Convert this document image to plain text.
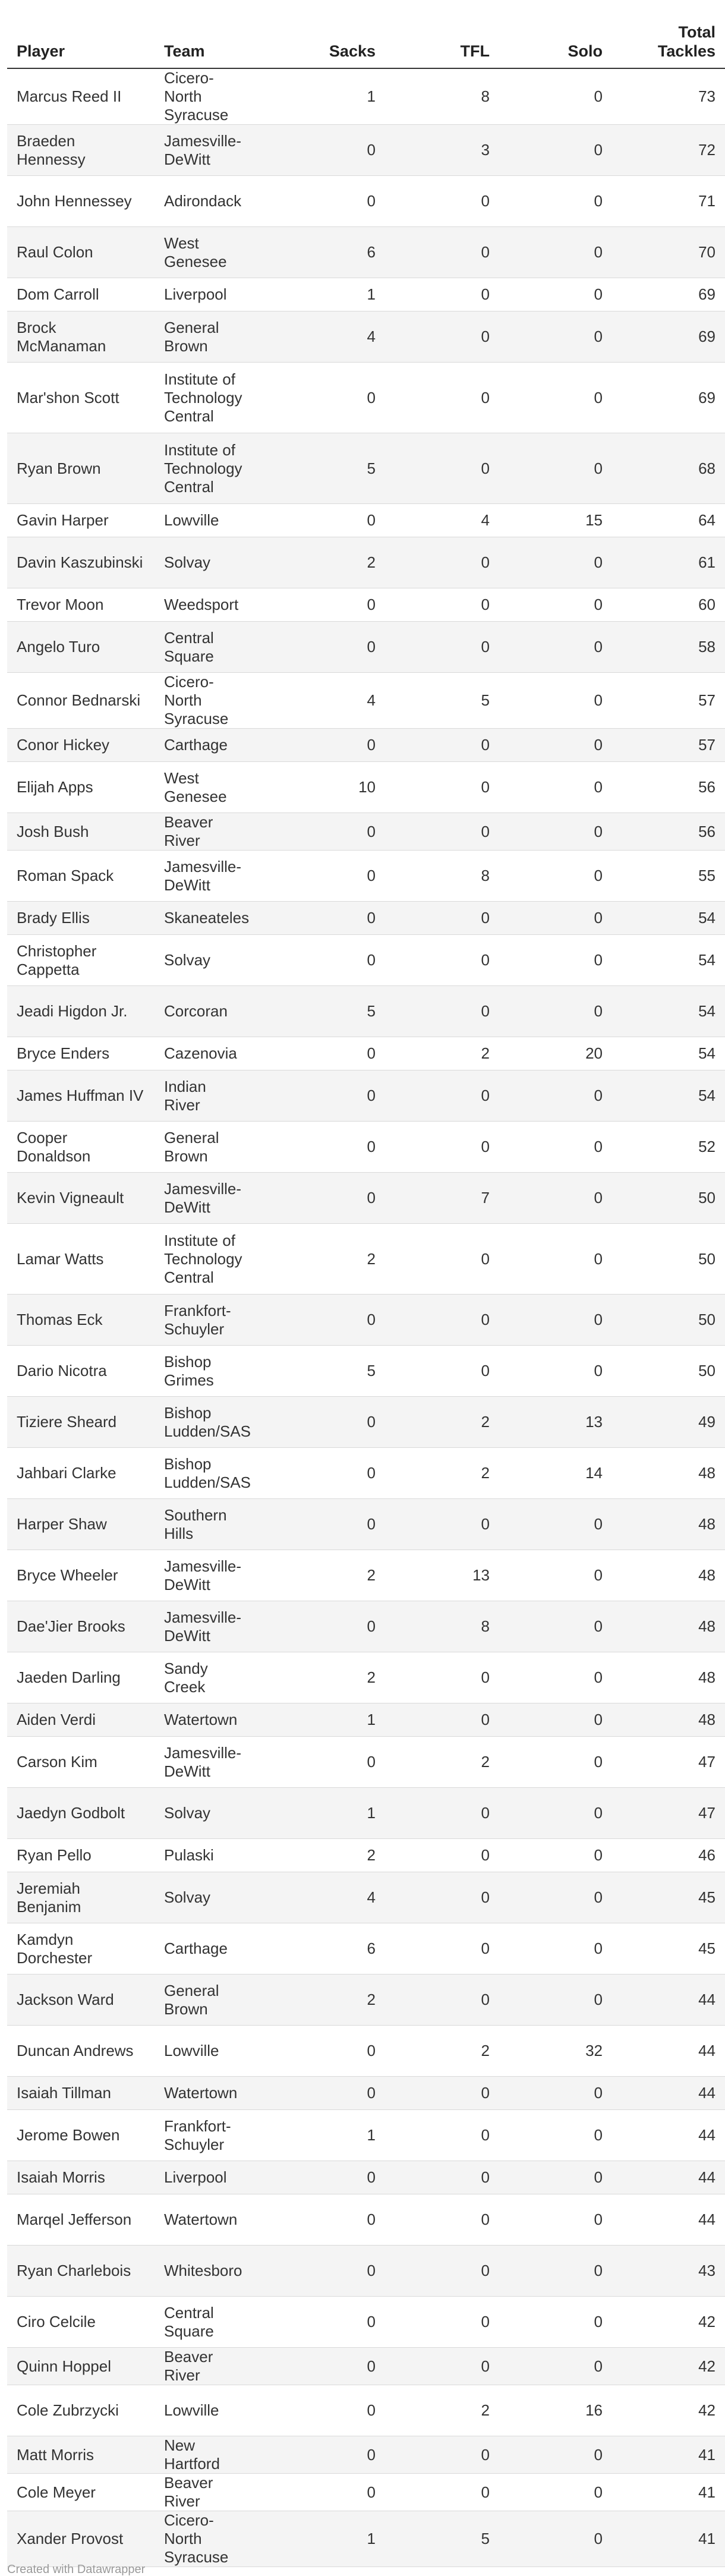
Player	Team	Sacks	TFL	Solo	Total Tackles
Marcus Reed II	Cicero-North Syracuse	1	8	0	73
Braeden Hennessy	Jamesville-DeWitt	0	3	0	72
John Hennessey	Adirondack	0	0	0	71
Raul Colon	West Genesee	6	0	0	70
Dom Carroll	Liverpool	1	0	0	69
Brock McManaman	General Brown	4	0	0	69
Mar'shon Scott	Institute of Technology Central	0	0	0	69
Ryan Brown	Institute of Technology Central	5	0	0	68
Gavin Harper	Lowville	0	4	15	64
Davin Kaszubinski	Solvay	2	0	0	61
Trevor Moon	Weedsport	0	0	0	60
Angelo Turo	Central Square	0	0	0	58
Connor Bednarski	Cicero-North Syracuse	4	5	0	57
Conor Hickey	Carthage	0	0	0	57
Elijah Apps	West Genesee	10	0	0	56
Josh Bush	Beaver River	0	0	0	56
Roman Spack	Jamesville-DeWitt	0	8	0	55
Brady Ellis	Skaneateles	0	0	0	54
Christopher Cappetta	Solvay	0	0	0	54
Jeadi Higdon Jr.	Corcoran	5	0	0	54
Bryce Enders	Cazenovia	0	2	20	54
James Huffman IV	Indian River	0	0	0	54
Cooper Donaldson	General Brown	0	0	0	52
Kevin Vigneault	Jamesville-DeWitt	0	7	0	50
Lamar Watts	Institute of Technology Central	2	0	0	50
Thomas Eck	Frankfort-Schuyler	0	0	0	50
Dario Nicotra	Bishop Grimes	5	0	0	50
Tiziere Sheard	Bishop Ludden/SAS	0	2	13	49
Jahbari Clarke	Bishop Ludden/SAS	0	2	14	48
Harper Shaw	Southern Hills	0	0	0	48
Bryce Wheeler	Jamesville-DeWitt	2	13	0	48
Dae'Jier Brooks	Jamesville-DeWitt	0	8	0	48
Jaeden Darling	Sandy Creek	2	0	0	48
Aiden Verdi	Watertown	1	0	0	48
Carson Kim	Jamesville-DeWitt	0	2	0	47
Jaedyn Godbolt	Solvay	1	0	0	47
Ryan Pello	Pulaski	2	0	0	46
Jeremiah Benjanim	Solvay	4	0	0	45
Kamdyn Dorchester	Carthage	6	0	0	45
Jackson Ward	General Brown	2	0	0	44
Duncan Andrews	Lowville	0	2	32	44
Isaiah Tillman	Watertown	0	0	0	44
Jerome Bowen	Frankfort-Schuyler	1	0	0	44
Isaiah Morris	Liverpool	0	0	0	44
Marqel Jefferson	Watertown	0	0	0	44
Ryan Charlebois	Whitesboro	0	0	0	43
Ciro Celcile	Central Square	0	0	0	42
Quinn Hoppel	Beaver River	0	0	0	42
Cole Zubrzycki	Lowville	0	2	16	42
Matt Morris	New Hartford	0	0	0	41
Cole Meyer	Beaver River	0	0	0	41
Xander Provost	Cicero-North Syracuse	1	5	0	41
Created with Datawrapper
